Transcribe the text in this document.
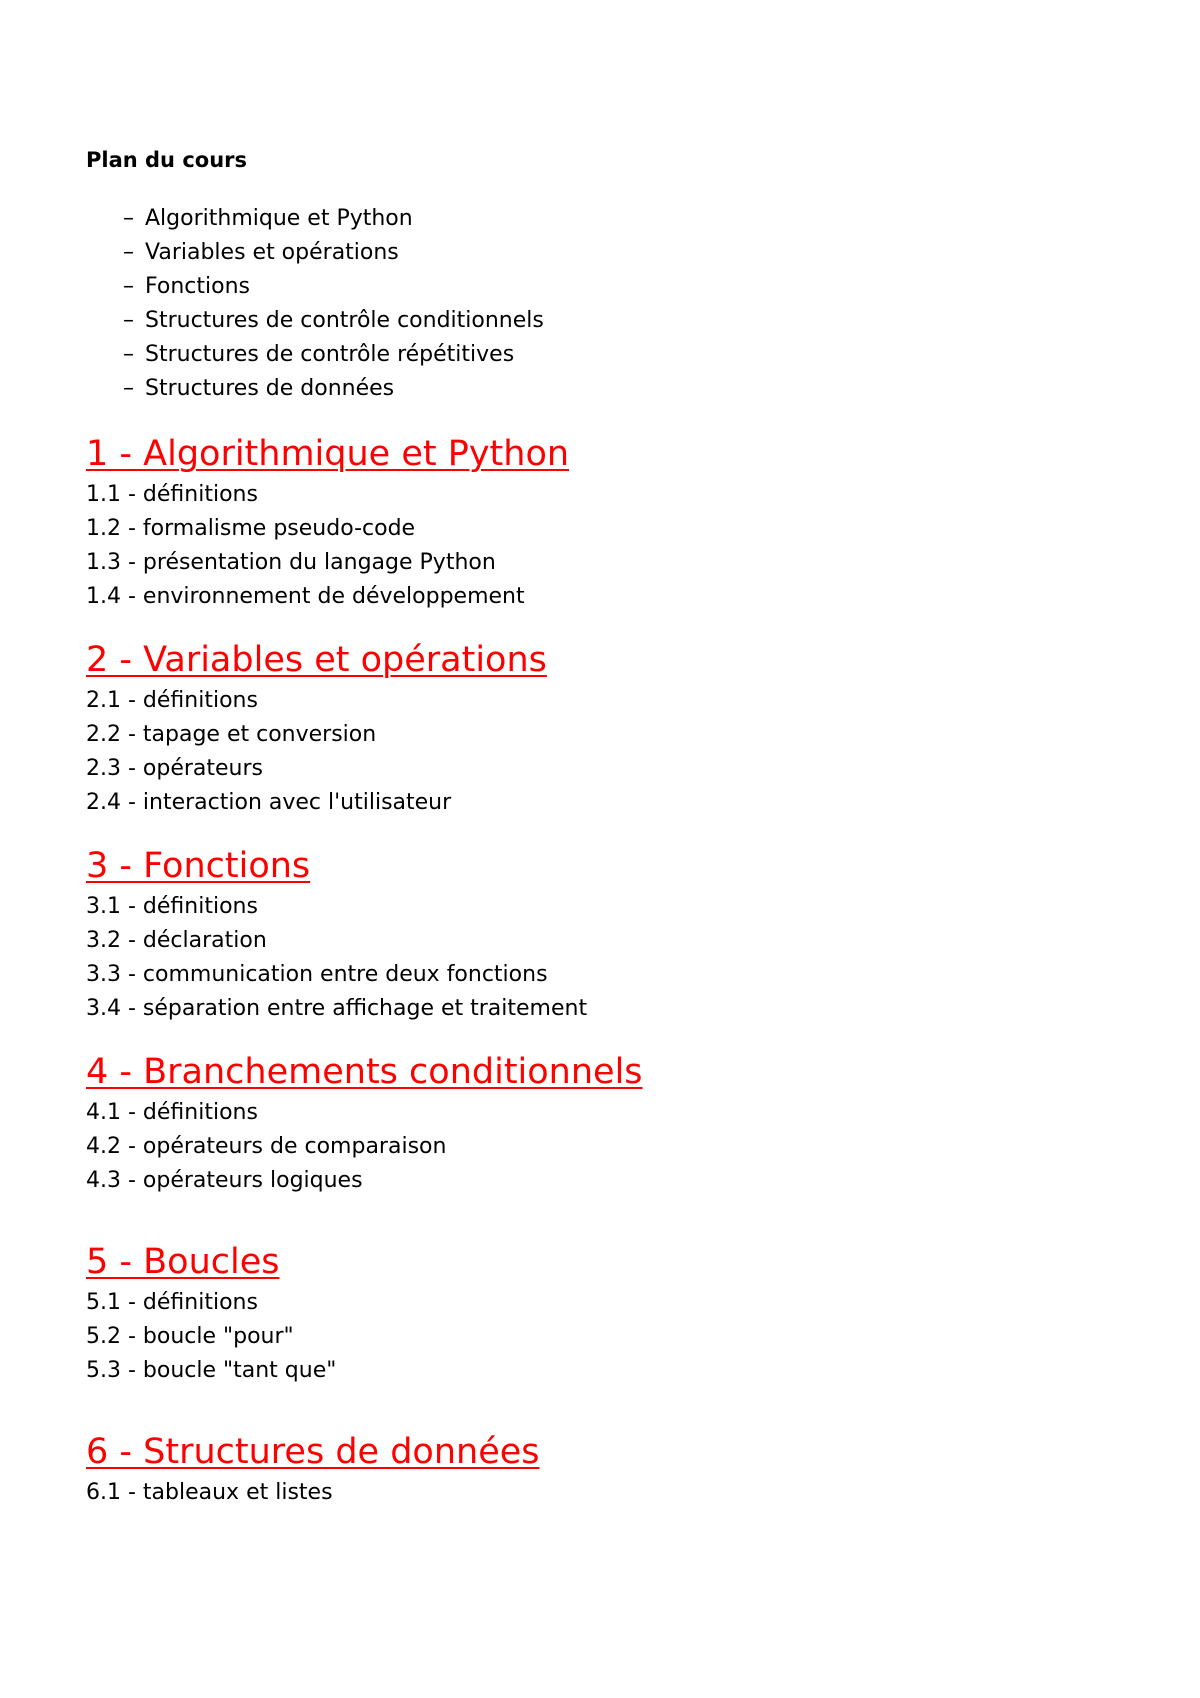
Plan du cours
– Algorithmique et Python
– Variables et opérations
– Fonctions
– Structures de contrôle conditionnels
– Structures de contrôle répétitives
– Structures de données
1 - Algorithmique et Python
1.1 - définitions
1.2 - formalisme pseudo-code
1.3 - présentation du langage Python
1.4 - environnement de développement
2 - Variables et opérations
2.1 - définitions
2.2 - tapage et conversion
2.3 - opérateurs
2.4 - interaction avec l'utilisateur
3 - Fonctions
3.1 - définitions
3.2 - déclaration
3.3 - communication entre deux fonctions
3.4 - séparation entre affichage et traitement
4 - Branchements conditionnels
4.1 - définitions
4.2 - opérateurs de comparaison
4.3 - opérateurs logiques
5 - Boucles
5.1 - définitions
5.2 - boucle "pour"
5.3 - boucle "tant que"
6 - Structures de données
6.1 - tableaux et listes
